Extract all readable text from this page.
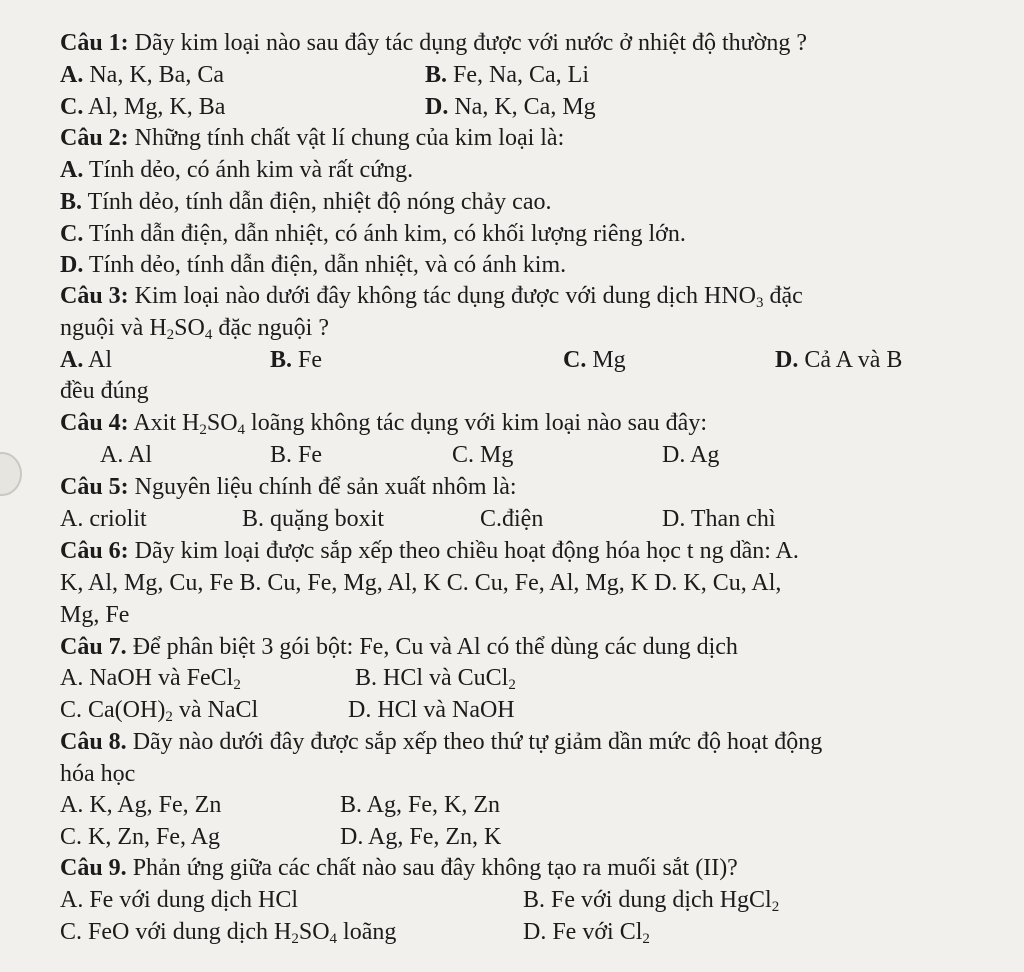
Câu 1: Dãy kim loại nào sau đây tác dụng được với nước ở nhiệt độ thường ?
A. Na, K, Ba, Ca	B. Fe, Na, Ca, Li
C. Al, Mg, K, Ba	D. Na, K, Ca, Mg
Câu 2: Những tính chất vật lí chung của kim loại là:
A. Tính dẻo, có ánh kim và rất cứng.
B. Tính dẻo, tính dẫn điện, nhiệt độ nóng chảy cao.
C. Tính dẫn điện, dẫn nhiệt, có ánh kim, có khối lượng riêng lớn.
D. Tính dẻo, tính dẫn điện, dẫn nhiệt, và có ánh kim.
Câu 3: Kim loại nào dưới đây không tác dụng được với dung dịch $HNO_3$ đặc
nguội và $H_2SO_4$ đặc nguội ?
A. Al	B. Fe	C. Mg	D. Cả A và B
đều đúng
Câu 4: Axit $H_2SO_4$ loãng không tác dụng với kim loại nào sau đây:
A. Al	B. Fe	C. Mg	D. Ag
Câu 5: Nguyên liệu chính để sản xuất nhôm là:
A. criolit	B. quặng boxit	C.điện	D. Than chì
Câu 6: Dãy kim loại được sắp xếp theo chiều hoạt động hóa học t ng dần: A.
K, Al, Mg, Cu, Fe B. Cu, Fe, Mg, Al, K C. Cu, Fe, Al, Mg, K D. K, Cu, Al,
Mg, Fe
Câu 7. Để phân biệt 3 gói bột: Fe, Cu và Al có thể dùng các dung dịch
A. NaOH và FeCl$_2$	B. HCl và CuCl$_2$
C. $Ca(OH)_2$ và NaCl	D. HCl và NaOH
Câu 8. Dãy nào dưới đây được sắp xếp theo thứ tự giảm dần mức độ hoạt động
hóa học
A. K, Ag, Fe, Zn	B. Ag, Fe, K, Zn
C. K, Zn, Fe, Ag	D. Ag, Fe, Zn, K
Câu 9. Phản ứng giữa các chất nào sau đây không tạo ra muối sắt (II)?
A. Fe với dung dịch HCl	B. Fe với dung dịch HgCl$_2$
C. FeO với dung dịch $H_2SO_4$ loãng	D. Fe với $Cl_2$
